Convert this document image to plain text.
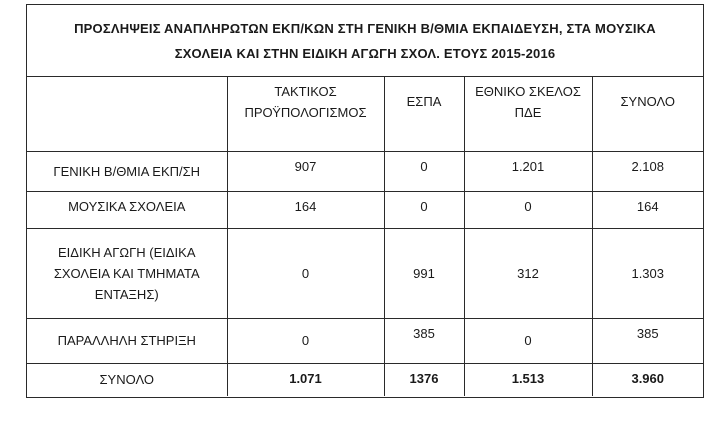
ΠΡΟΣΛΗΨΕΙΣ ΑΝΑΠΛΗΡΩΤΩΝ ΕΚΠ/ΚΩΝ ΣΤΗ ΓΕΝΙΚΗ Β/ΘΜΙΑ ΕΚΠΑΙΔΕΥΣΗ, ΣΤΑ ΜΟΥΣΙΚΑ
ΣΧΟΛΕΙΑ ΚΑΙ ΣΤΗΝ ΕΙΔΙΚΗ ΑΓΩΓΗ ΣΧΟΛ. ΕΤΟΥΣ 2015-2016
	ΤΑΚΤΙΚΟΣ ΠΡΟΫΠΟΛΟΓΙΣΜΟΣ	ΕΣΠΑ	ΕΘΝΙΚΟ ΣΚΕΛΟΣ ΠΔΕ	ΣΥΝΟΛΟ
ΓΕΝΙΚΗ Β/ΘΜΙΑ ΕΚΠ/ΣΗ	907	0	1.201	2.108
ΜΟΥΣΙΚΑ ΣΧΟΛΕΙΑ	164	0	0	164
ΕΙΔΙΚΗ ΑΓΩΓΗ (ΕΙΔΙΚΑ ΣΧΟΛΕΙΑ ΚΑΙ ΤΜΗΜΑΤΑ ΕΝΤΑΞΗΣ)	0	991	312	1.303
ΠΑΡΑΛΛΗΛΗ ΣΤΗΡΙΞΗ	0	385	0	385
ΣΥΝΟΛΟ	1.071	1376	1.513	3.960
